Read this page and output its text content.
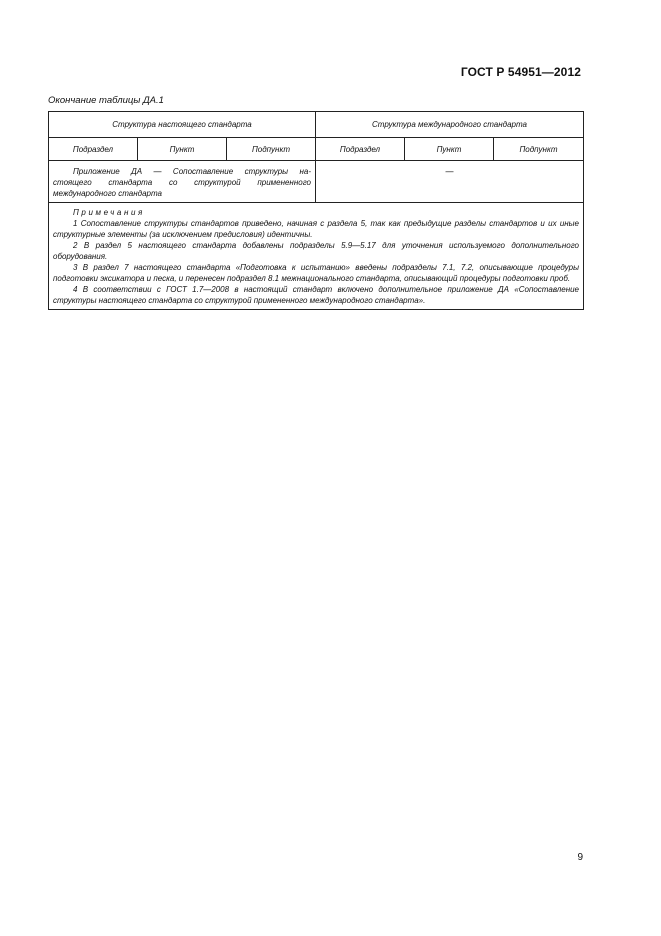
ГОСТ Р 54951—2012
Окончание таблицы ДА.1
Структура настоящего стандарта			Структура международного стандарта		
Подраздел	Пункт	Подпункт	Подраздел	Пункт	Подпункт

Приложение ДА — Сопоставление структуры на-
стоящего стандарта со структурой примененного
международного стандарта			—		

Примечания

1 Сопоставление структуры стандартов приведено, начиная с раздела 5, так как предыдущие разделы стандартов и их иные структурные элементы (за исключением предисловия) идентичны.

2 В раздел 5 настоящего стандарта добавлены подразделы 5.9—5.17 для уточнения используемого дополнительного оборудования.

3 В раздел 7 настоящего стандарта «Подготовка к испытанию» введены подразделы 7.1, 7.2, описывающие процедуры подготовки эксикатора и песка, и перенесен подраздел 8.1 межнационального стандарта, описывающий процедуры подготовки проб.

4 В соответствии с ГОСТ 1.7—2008 в настоящий стандарт включено дополнительное приложение ДА «Сопоставление структуры настоящего стандарта со структурой примененного международного стандарта».					

9
